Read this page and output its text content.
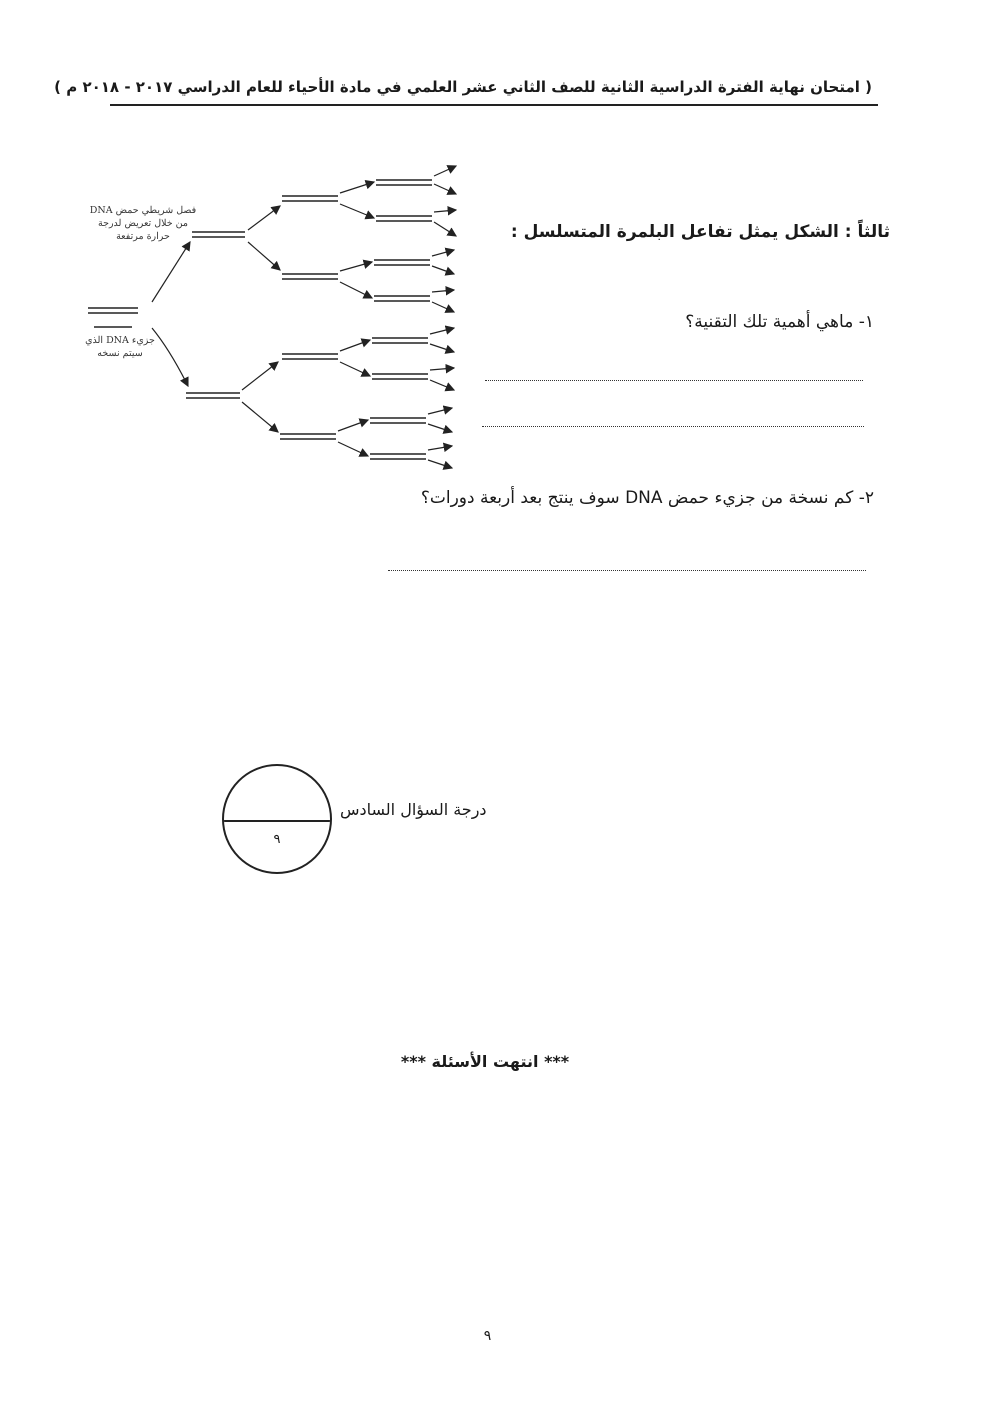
( امتحان نهاية الفترة الدراسية الثانية للصف الثاني عشر العلمي في مادة الأحياء للعام الدراسي ٢٠١٧ - ٢٠١٨ م )
ثالثاً : الشكل يمثل تفاعل البلمرة المتسلسل :
١- ماهي أهمية تلك التقنية؟
٢- كم نسخة من جزيء حمض DNA سوف ينتج بعد أربعة دورات؟
فصل شريطي حمض DNA من خلال تعريض لدرجة حرارة مرتفعة
جزيء DNA الذي سيتم نسخه
٩
درجة السؤال السادس
*** انتهت الأسئلة ***
٩
